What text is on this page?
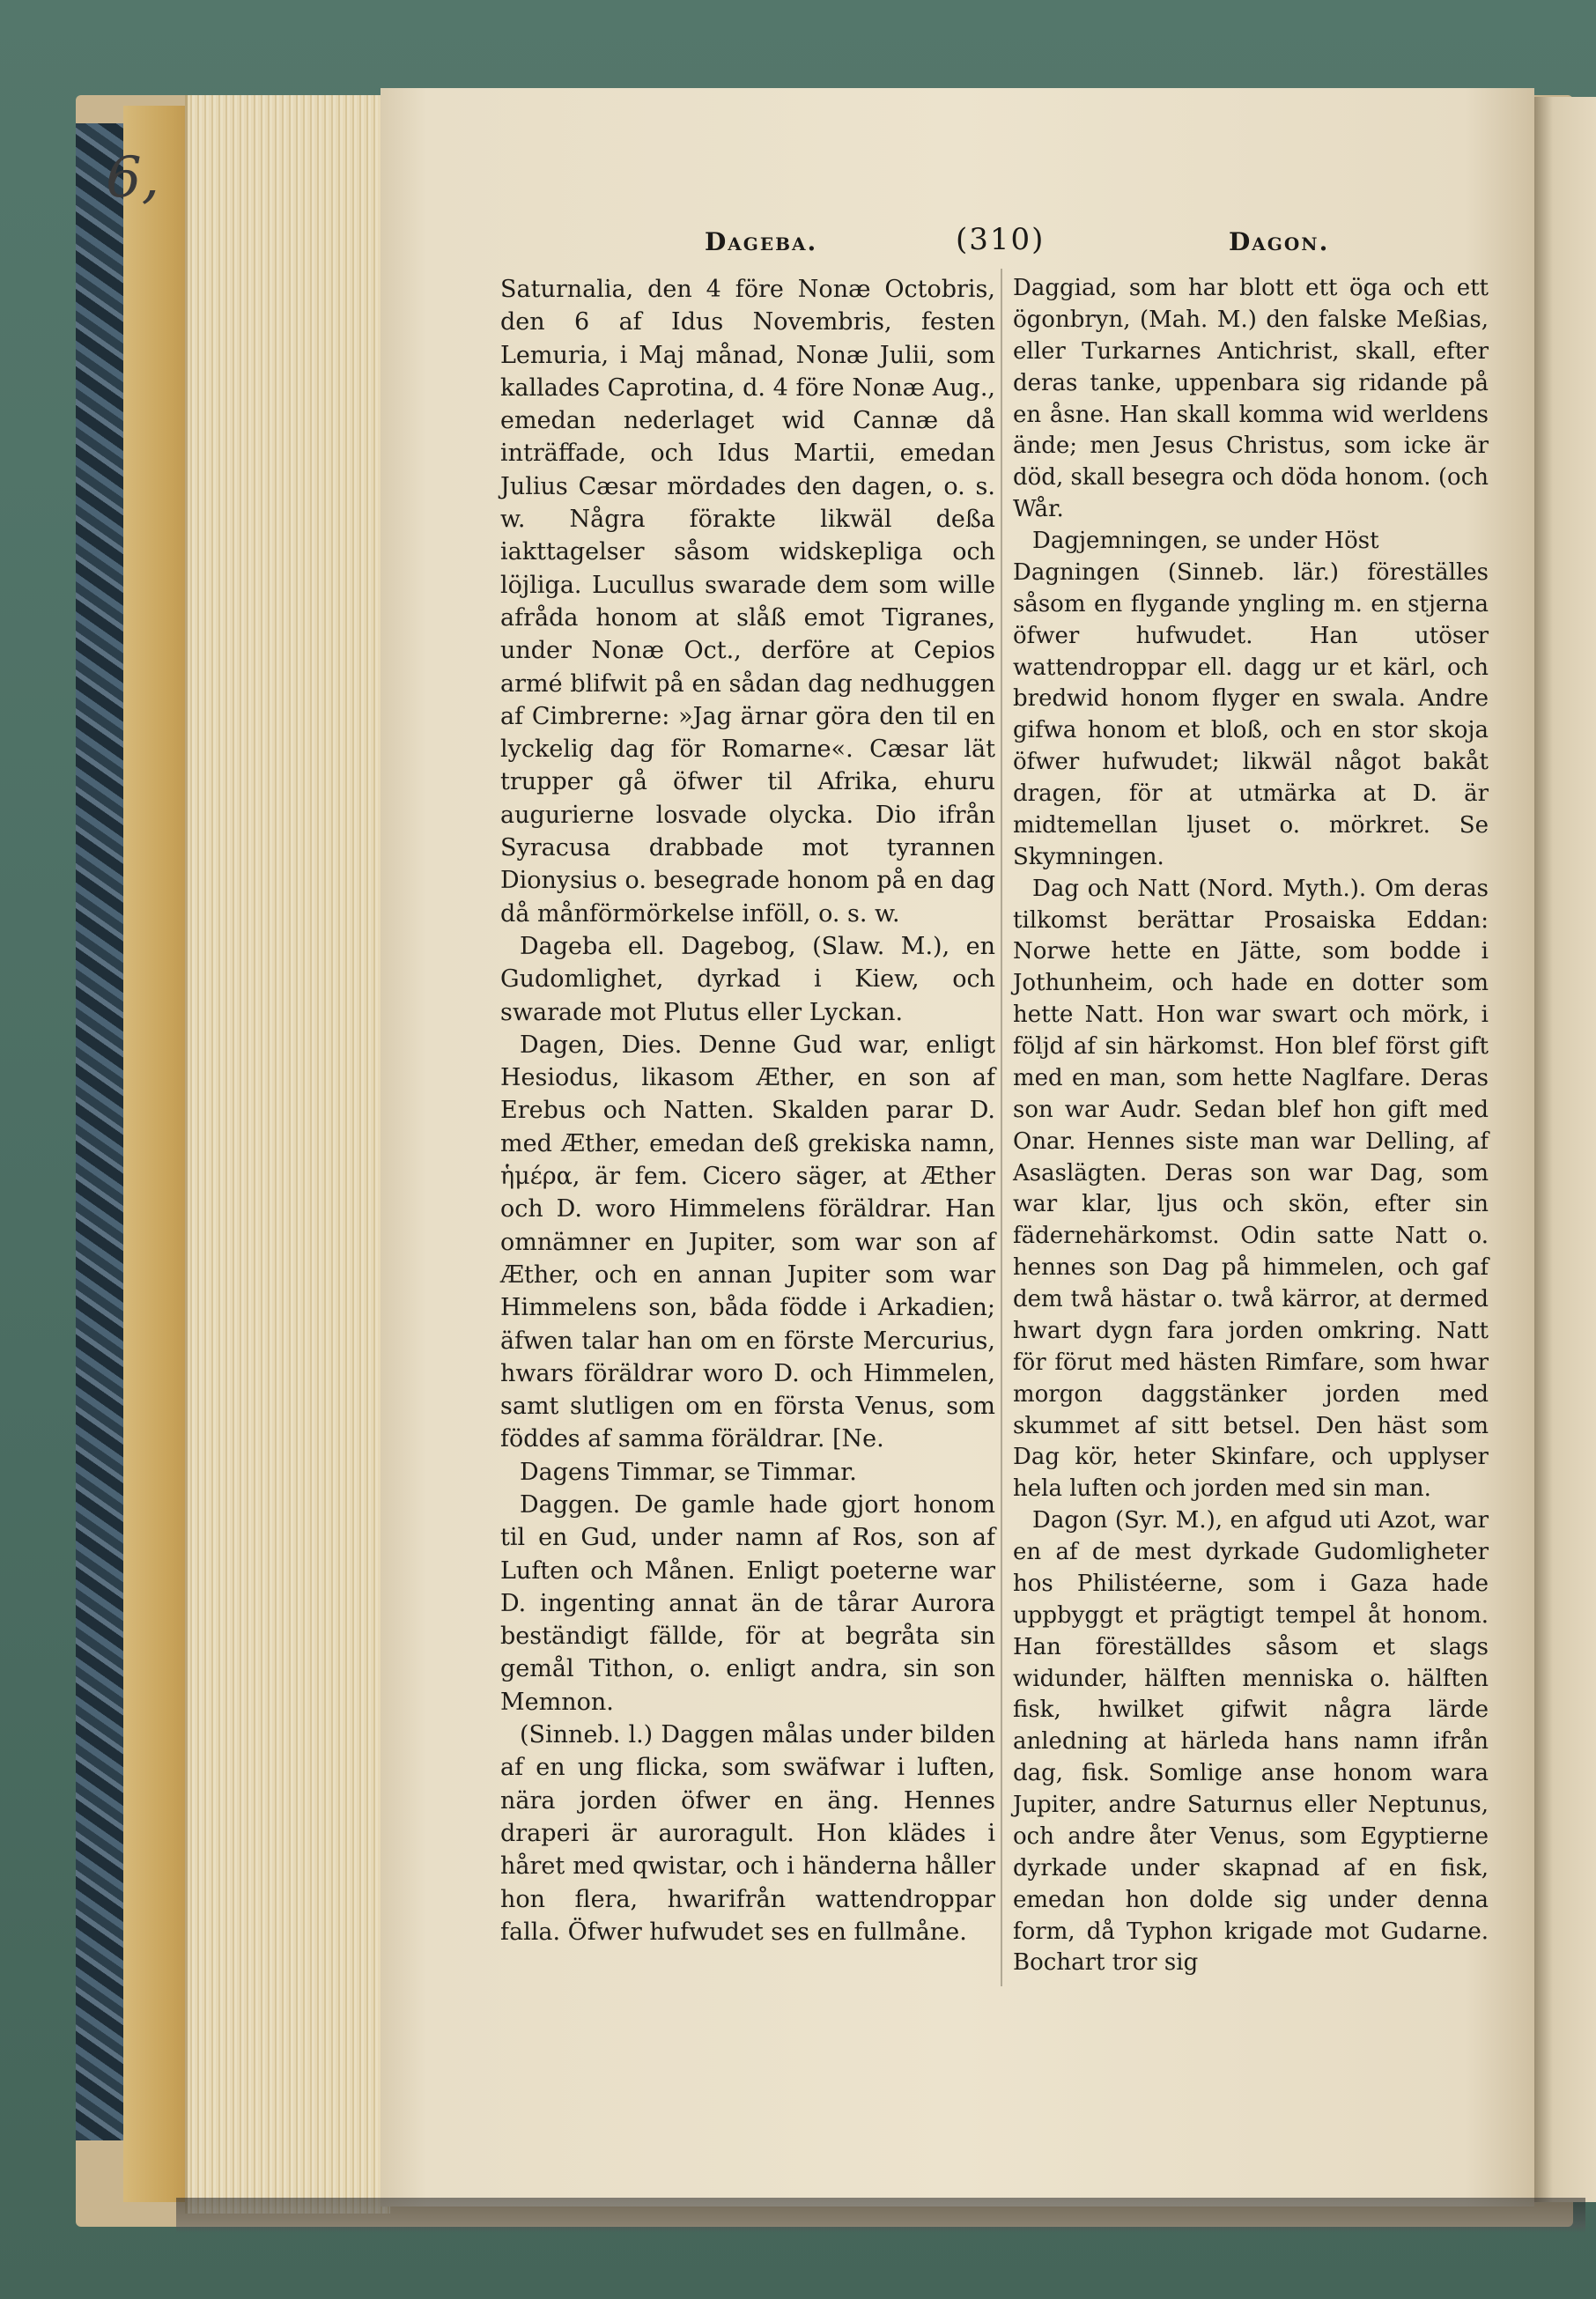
6,
Dageba.	(310)	Dagon.

Saturnalia, den 4 före Nonæ Octobris, den 6 af Idus Novembris, festen Lemuria, i Maj månad, Nonæ Julii, som kallades Caprotina, d. 4 före Nonæ Aug., emedan nederlaget wid Cannæ då inträffade, och Idus Martii, emedan Julius Cæsar mördades den dagen, o. s. w. Några förakte likwäl deßa iakttagelser såsom widskepliga och löjliga. Lucullus swarade dem som wille afråda honom at slåß emot Tigranes, under Nonæ Oct., derföre at Cepios armé blifwit på en sådan dag nedhuggen af Cimbrerne: »Jag ärnar göra den til en lyckelig dag för Romarne«. Cæsar lät trupper gå öfwer til Afrika, ehuru augurierne losvade olycka. Dio ifrån Syracusa drabbade mot tyrannen Dionysius o. besegrade honom på en dag då månförmörkelse inföll, o. s. w.

Dageba ell. Dagebog, (Slaw. M.), en Gudomlighet, dyrkad i Kiew, och swarade mot Plutus eller Lyckan.

Dagen, Dies. Denne Gud war, enligt Hesiodus, likasom Æther, en son af Erebus och Natten. Skalden parar D. med Æther, emedan deß grekiska namn, ἡμέρα, är fem. Cicero säger, at Æther och D. woro Himmelens föräldrar. Han omnämner en Jupiter, som war son af Æther, och en annan Jupiter som war Himmelens son, båda födde i Arkadien; äfwen talar han om en förste Mercurius, hwars föräldrar woro D. och Himmelen, samt slutligen om en första Venus, som föddes af samma föräldrar. [Ne.

Dagens Timmar, se Timmar.

Daggen. De gamle hade gjort honom til en Gud, under namn af Ros, son af Luften och Månen. Enligt poeterne war D. ingenting annat än de tårar Aurora beständigt fällde, för at begråta sin gemål Tithon, o. enligt andra, sin son Memnon.

(Sinneb. l.) Daggen målas under bilden af en ung flicka, som swäfwar i luften, nära jorden öfwer en äng. Hennes draperi är auroragult. Hon klädes i håret med qwistar, och i händerna håller hon flera, hwarifrån wattendroppar falla. Öfwer hufwudet ses en fullmåne.

Daggiad, som har blott ett öga och ett ögonbryn, (Mah. M.) den falske Meßias, eller Turkarnes Antichrist, skall, efter deras tanke, uppenbara sig ridande på en åsne. Han skall komma wid werldens ände; men Jesus Christus, som icke är död, skall besegra och döda honom. (och Wår.

Dagjemningen, se under Höst

Dagningen (Sinneb. lär.) föreställes såsom en flygande yngling m. en stjerna öfwer hufwudet. Han utöser wattendroppar ell. dagg ur et kärl, och bredwid honom flyger en swala. Andre gifwa honom et bloß, och en stor skoja öfwer hufwudet; likwäl något bakåt dragen, för at utmärka at D. är midtemellan ljuset o. mörkret. Se Skymningen.

Dag och Natt (Nord. Myth.). Om deras tilkomst berättar Prosaiska Eddan: Norwe hette en Jätte, som bodde i Jothunheim, och hade en dotter som hette Natt. Hon war swart och mörk, i följd af sin härkomst. Hon blef först gift med en man, som hette Naglfare. Deras son war Audr. Sedan blef hon gift med Onar. Hennes siste man war Delling, af Asaslägten. Deras son war Dag, som war klar, ljus och skön, efter sin fädernehärkomst. Odin satte Natt o. hennes son Dag på himmelen, och gaf dem twå hästar o. twå kärror, at dermed hwart dygn fara jorden omkring. Natt för förut med hästen Rimfare, som hwar morgon daggstänker jorden med skummet af sitt betsel. Den häst som Dag kör, heter Skinfare, och upplyser hela luften och jorden med sin man.

Dagon (Syr. M.), en afgud uti Azot, war en af de mest dyrkade Gudomligheter hos Philistéerne, som i Gaza hade uppbyggt et prägtigt tempel åt honom. Han föreställdes såsom et slags widunder, hälften menniska o. hälften fisk, hwilket gifwit några lärde anledning at härleda hans namn ifrån dag, fisk. Somlige anse honom wara Jupiter, andre Saturnus eller Neptunus, och andre åter Venus, som Egyptierne dyrkade under skapnad af en fisk, emedan hon dolde sig under denna form, då Typhon krigade mot Gudarne. Bochart tror sig
